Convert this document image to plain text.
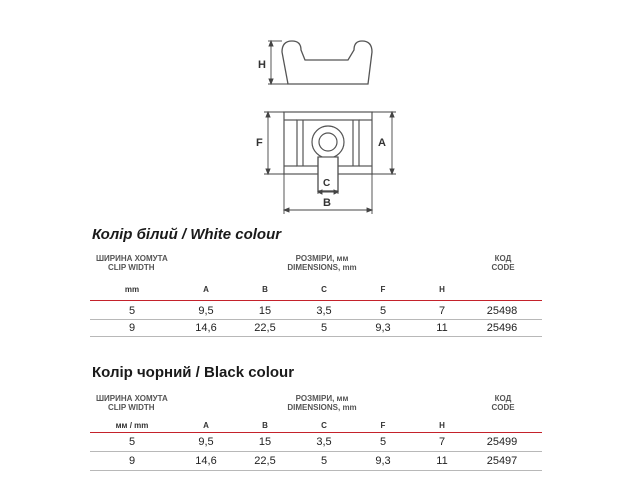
H
F	A
C
B
Колір білий / White colour
ШИРИНА ХОМУТА
CLIP WIDTH
РОЗМІРИ, мм
DIMENSIONS, mm
КОД
CODE
mm	A	B	C	F	H
5	9,5	15	3,5	5	7	25498
9	14,6	22,5	5	9,3	11	25496
Колір чорний / Black colour
ШИРИНА ХОМУТА
CLIP WIDTH
РОЗМІРИ, мм
DIMENSIONS, mm
КОД
CODE
мм / mm	A	B	C	F	H
5	9,5	15	3,5	5	7	25499
9	14,6	22,5	5	9,3	11	25497
